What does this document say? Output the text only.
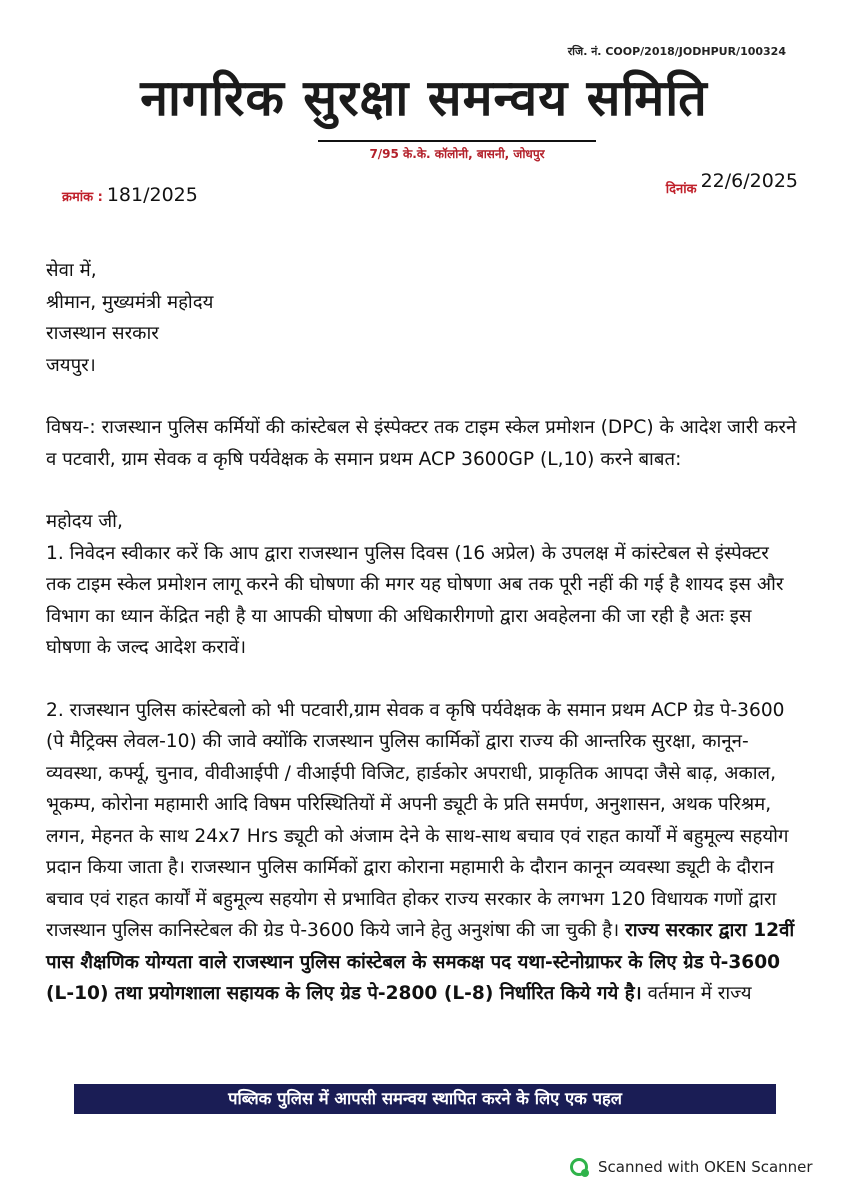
रजि. नं. COOP/2018/JODHPUR/100324
नागरिक सुरक्षा समन्वय समिति
7/95 के.के. कॉलोनी, बासनी, जोधपुर
क्रमांक : 181/2025	दिनांक 22/6/2025
सेवा में,
श्रीमान, मुख्यमंत्री महोदय
राजस्थान सरकार
जयपुर।
विषय-: राजस्थान पुलिस कर्मियों की कांस्टेबल से इंस्पेक्टर तक टाइम स्केल प्रमोशन (DPC) के आदेश जारी करने व पटवारी, ग्राम सेवक व कृषि पर्यवेक्षक के समान प्रथम ACP 3600GP (L,10) करने बाबत:
महोदय जी,
1. निवेदन स्वीकार करें कि आप द्वारा राजस्थान पुलिस दिवस (16 अप्रेल) के उपलक्ष में कांस्टेबल से इंस्पेक्टर तक टाइम स्केल प्रमोशन लागू करने की घोषणा की मगर यह घोषणा अब तक पूरी नहीं की गई है शायद इस और विभाग का ध्यान केंद्रित नही है या आपकी घोषणा की अधिकारीगणो द्वारा अवहेलना की जा रही है अतः इस घोषणा के जल्द आदेश करावें।
2. राजस्थान पुलिस कांस्टेबलो को भी पटवारी,ग्राम सेवक व कृषि पर्यवेक्षक के समान प्रथम ACP ग्रेड पे-3600 (पे मैट्रिक्स लेवल-10) की जावे क्योंकि राजस्थान पुलिस कार्मिकों द्वारा राज्य की आन्तरिक सुरक्षा, कानून-व्यवस्था, कर्फ्यू, चुनाव, वीवीआईपी / वीआईपी विजिट, हार्डकोर अपराधी, प्राकृतिक आपदा जैसे बाढ़, अकाल, भूकम्प, कोरोना महामारी आदि विषम परिस्थितियों में अपनी ड्यूटी के प्रति समर्पण, अनुशासन, अथक परिश्रम, लगन, मेहनत के साथ 24x7 Hrs ड्यूटी को अंजाम देने के साथ-साथ बचाव एवं राहत कार्यों में बहुमूल्य सहयोग प्रदान किया जाता है। राजस्थान पुलिस कार्मिकों द्वारा कोराना महामारी के दौरान कानून व्यवस्था ड्यूटी के दौरान बचाव एवं राहत कार्यों में बहुमूल्य सहयोग से प्रभावित होकर राज्य सरकार के लगभग 120 विधायक गणों द्वारा राजस्थान पुलिस कानिस्टेबल की ग्रेड पे-3600 किये जाने हेतु अनुशंषा की जा चुकी है। राज्य सरकार द्वारा 12वीं पास शैक्षणिक योग्यता वाले राजस्थान पुलिस कांस्टेबल के समकक्ष पद यथा-स्टेनोग्राफर के लिए ग्रेड पे-3600 (L-10) तथा प्रयोगशाला सहायक के लिए ग्रेड पे-2800 (L-8) निर्धारित किये गये है। वर्तमान में राज्य
पब्लिक पुलिस में आपसी समन्वय स्थापित करने के लिए एक पहल
Scanned with OKEN Scanner
